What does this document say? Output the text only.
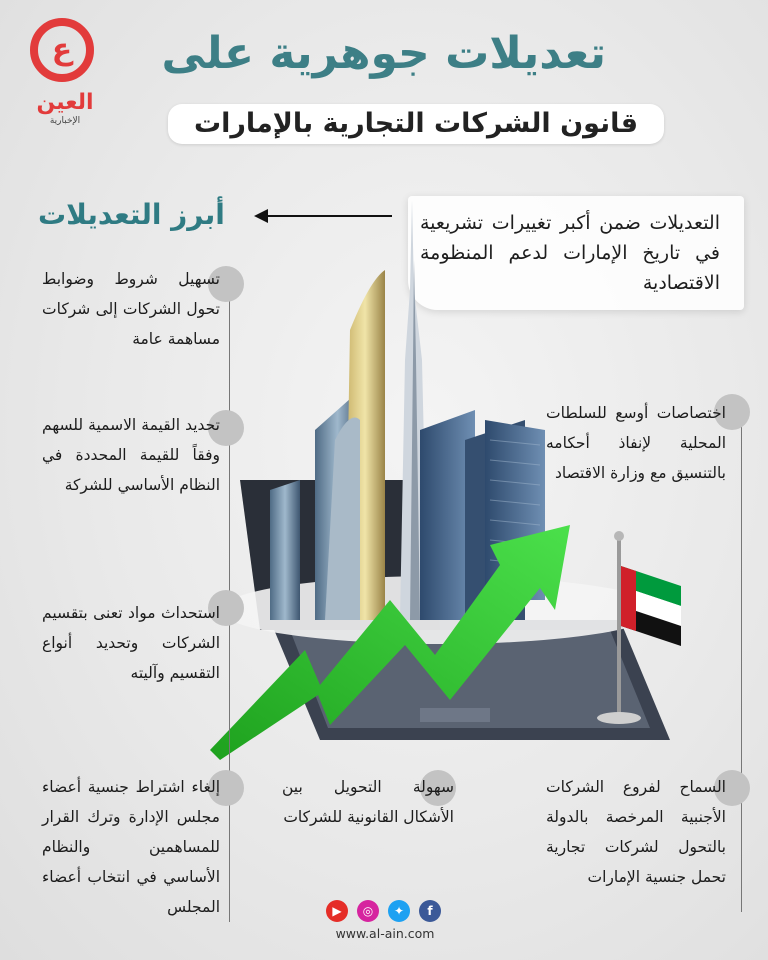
ع
العين
الإخبارية
تعديلات جوهرية على
قانون الشركات التجارية بالإمارات
أبرز التعديلات	التعديلات ضمن أكبر تغييرات تشريعية في تاريخ الإمارات لدعم المنظومة الاقتصادية
تسهيل شروط وضوابط تحول الشركات إلى شركات مساهمة عامة
تحديد القيمة الاسمية للسهم وفقاً للقيمة المحددة في النظام الأساسي للشركة
استحداث مواد تعنى بتقسيم الشركات وتحديد أنواع التقسيم وآليته
إلغاء اشتراط جنسية أعضاء مجلس الإدارة وترك القرار للمساهمين والنظام الأساسي في انتخاب أعضاء المجلس
اختصاصات أوسع للسلطات المحلية لإنفاذ أحكامه بالتنسيق مع وزارة الاقتصاد
السماح لفروع الشركات الأجنبية المرخصة بالدولة بالتحول لشركات تجارية تحمل جنسية الإمارات
سهولة التحويل بين الأشكال القانونية للشركات
▶	◎	✦	f
www.al-ain.com
